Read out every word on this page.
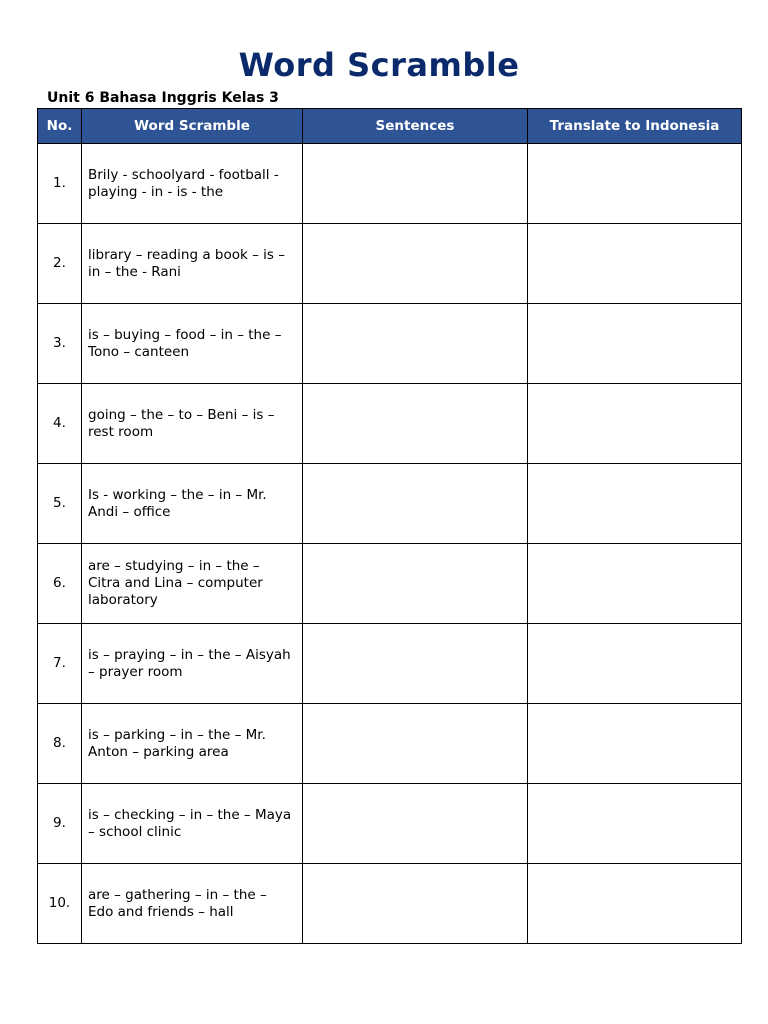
Word Scramble
Unit 6 Bahasa Inggris Kelas 3
No.	Word Scramble	Sentences	Translate to Indonesia
1.	Brily - schoolyard - football - playing - in - is - the		
2.	library – reading a book – is – in – the - Rani		
3.	is – buying – food – in – the – Tono – canteen		
4.	going – the – to – Beni – is – rest room		
5.	Is - working – the – in – Mr. Andi – office		
6.	are – studying – in – the – Citra and Lina – computer laboratory		
7.	is – praying – in – the – Aisyah – prayer room		
8.	is – parking – in – the – Mr. Anton – parking area		
9.	is – checking – in – the – Maya – school clinic		
10.	are – gathering – in – the – Edo and friends – hall		
